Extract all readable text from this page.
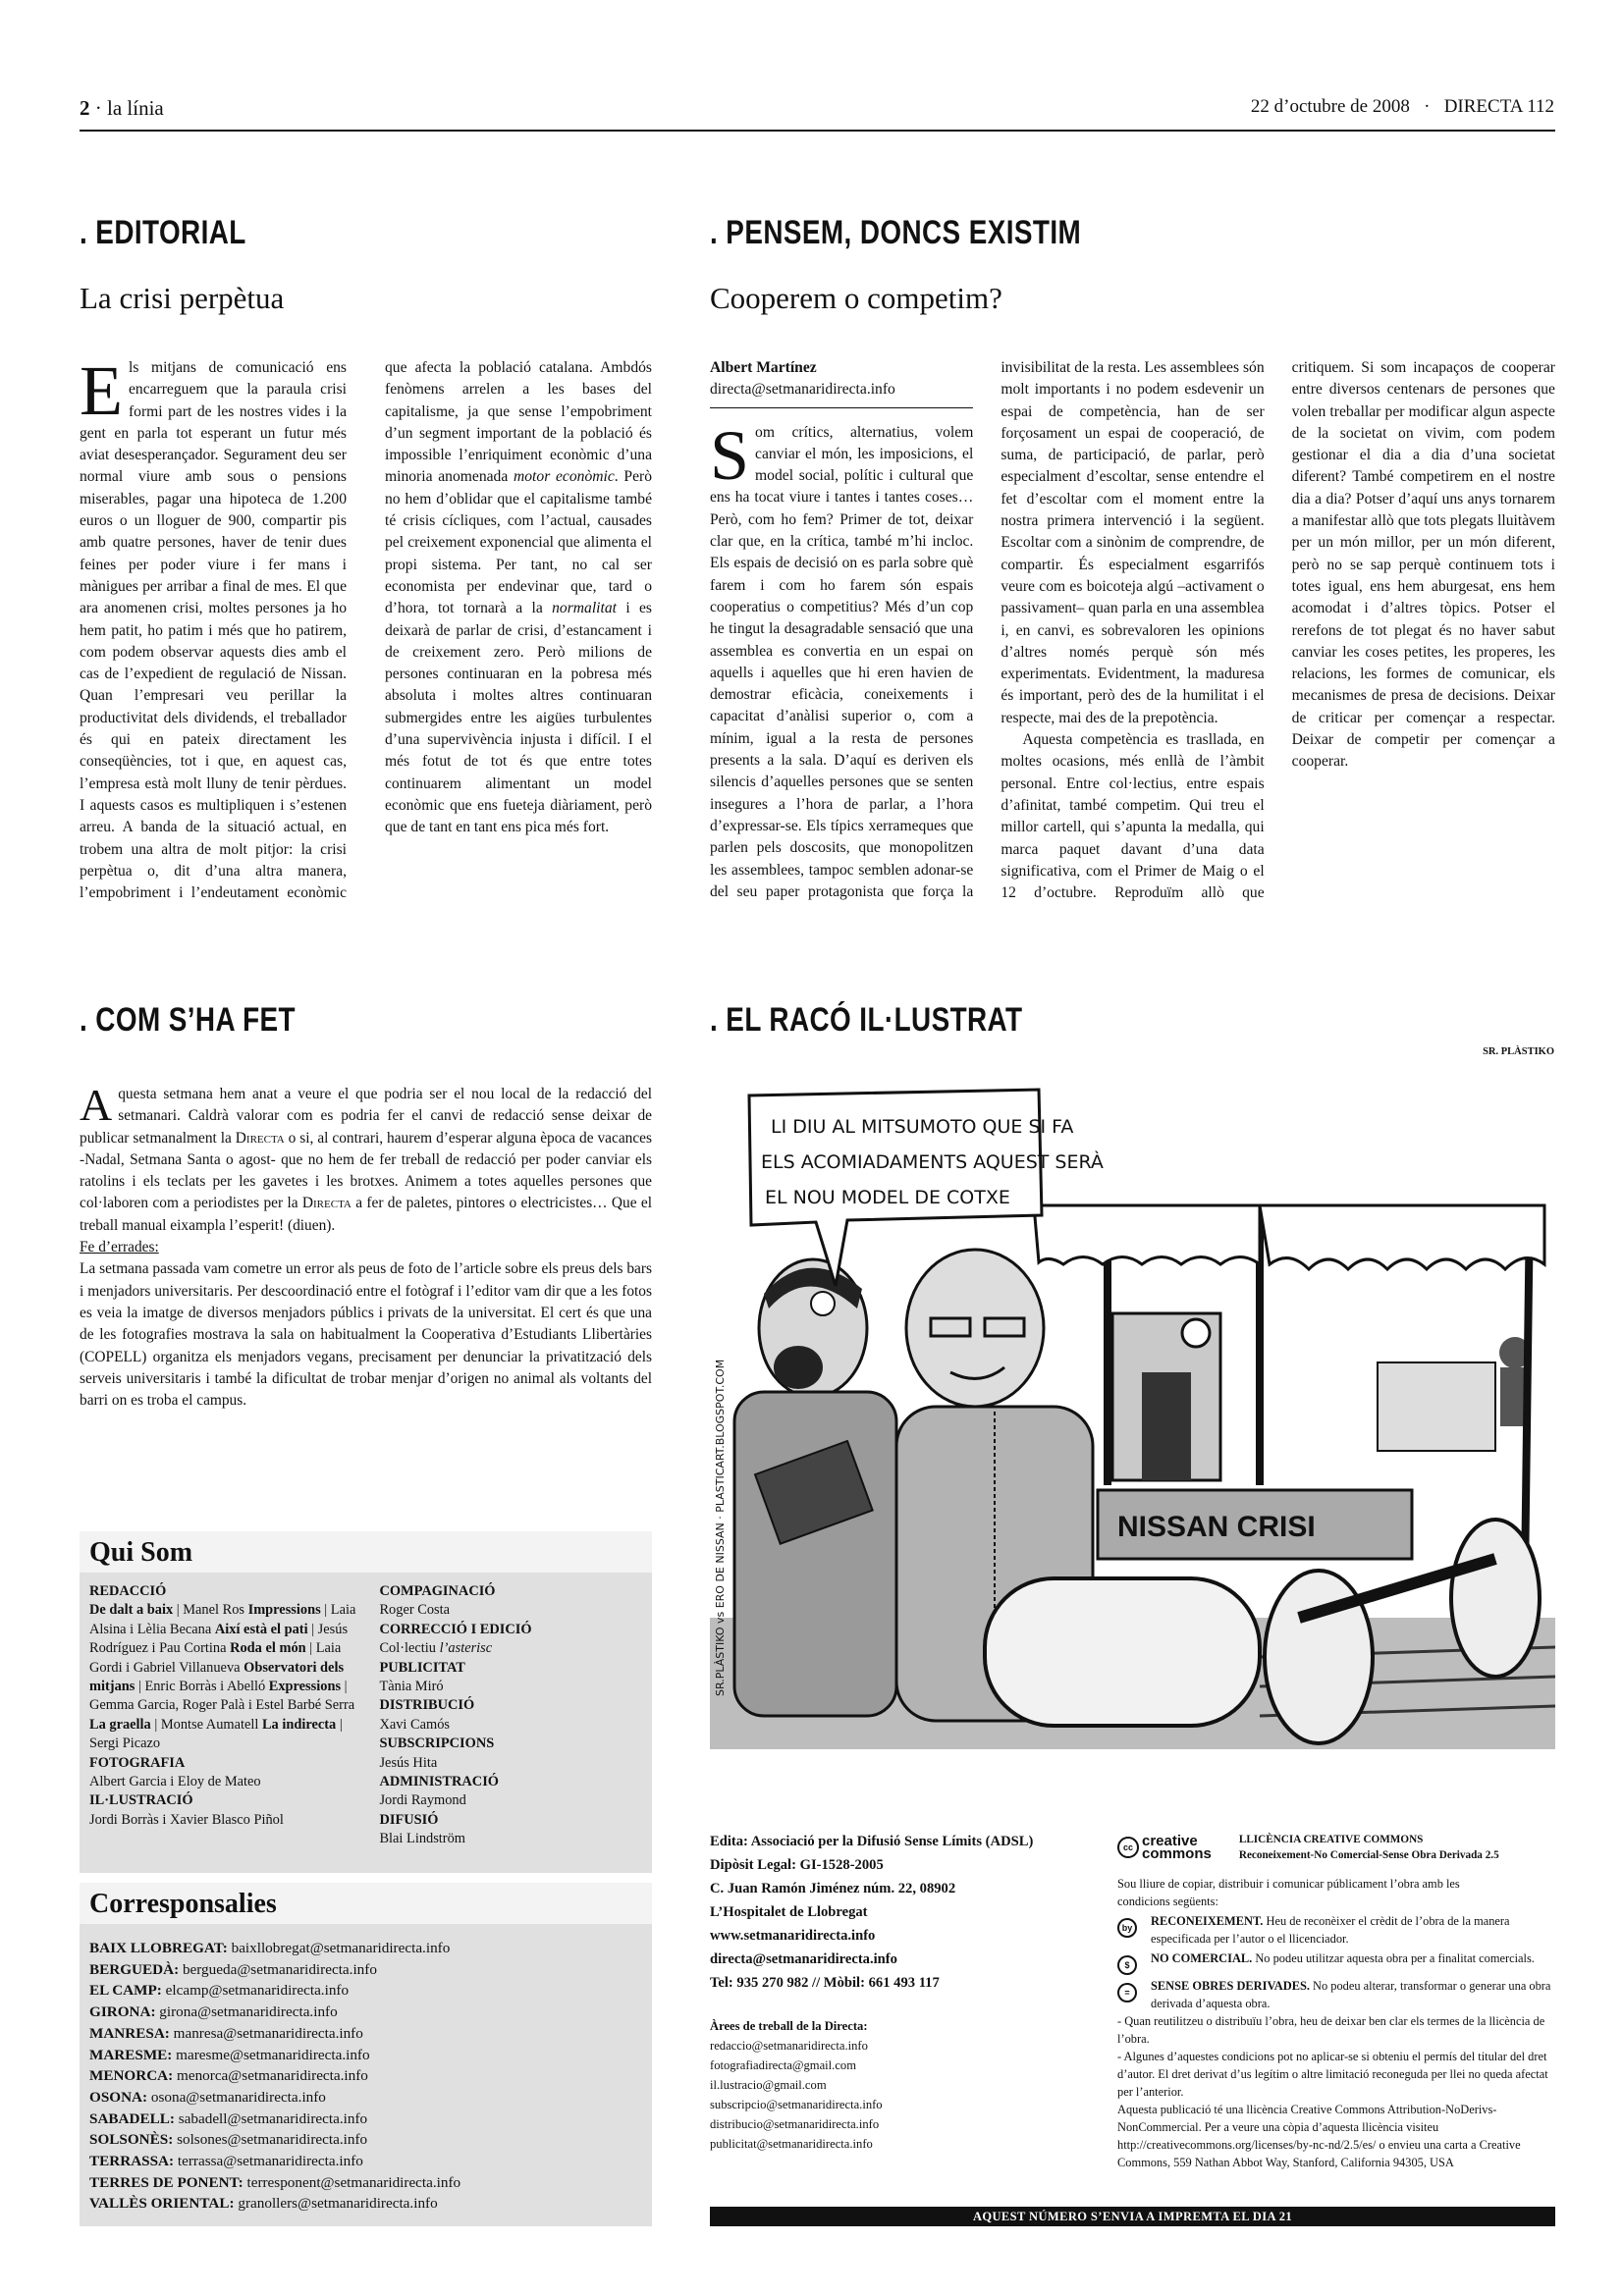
2 · la línia	22 d’octubre de 2008 · DIRECTA 112
. EDITORIAL
La crisi perpètua

Els mitjans de comunicació ens encarreguem que la paraula crisi formi part de les nostres vides i la gent en parla tot esperant un futur més aviat desesperançador. Segurament deu ser normal viure amb sous o pensions miserables, pagar una hipoteca de 1.200 euros o un lloguer de 900, compartir pis amb quatre persones, haver de tenir dues feines per poder viure i fer mans i mànigues per arribar a final de mes. El que ara anomenen crisi, moltes persones ja ho hem patit, ho patim i més que ho patirem, com podem observar aquests dies amb el cas de l’expedient de regulació de Nissan. Quan l’empresari veu perillar la productivitat dels dividends, el treballador és qui en pateix directament les conseqüències, tot i que, en aquest cas, l’empresa està molt lluny de tenir pèrdues. I aquests casos es multipliquen i s’estenen arreu. A banda de la situació actual, en trobem una altra de molt pitjor: la crisi perpètua o, dit d’una altra manera, l’empobriment i l’endeutament econòmic que afecta la població catalana. Ambdós fenòmens arrelen a les bases del capitalisme, ja que sense l’empobriment d’un segment important de la població és impossible l’enriquiment econòmic d’una minoria anomenada motor econòmic. Però no hem d’oblidar que el capitalisme també té crisis cícliques, com l’actual, causades pel creixement exponencial que alimenta el propi sistema. Per tant, no cal ser economista per endevinar que, tard o d’hora, tot tornarà a la normalitat i es deixarà de parlar de crisi, d’estancament i de creixement zero. Però milions de persones continuaran en la pobresa més absoluta i moltes altres continuaran submergides entre les aigües turbulentes d’una supervivència injusta i difícil. I el més fotut de tot és que entre totes continuarem alimentant un model econòmic que ens fueteja diàriament, però que de tant en tant ens pica més fort.

. PENSEM, DONCS EXISTIM
Cooperem o competim?
Albert Martínez
directa@setmanaridirecta.info

Som crítics, alternatius, volem canviar el món, les imposicions, el model social, polític i cultural que ens ha tocat viure i tantes i tantes coses… Però, com ho fem? Primer de tot, deixar clar que, en la crítica, també m’hi incloc. Els espais de decisió on es parla sobre què farem i com ho farem són espais cooperatius o competitius? Més d’un cop he tingut la desagradable sensació que una assemblea es convertia en un espai on aquells i aquelles que hi eren havien de demostrar eficàcia, coneixements i capacitat d’anàlisi superior o, com a mínim, igual a la resta de persones presents a la sala. D’aquí es deriven els silencis d’aquelles persones que se senten insegures a l’hora de parlar, a l’hora d’expressar-se. Els típics xerrameques que parlen pels doscosits, que monopolitzen les assemblees, tampoc semblen adonar-se del seu paper protagonista que força la invisibilitat de la resta. Les assemblees són molt importants i no podem esdevenir un espai de competència, han de ser forçosament un espai de cooperació, de suma, de participació, de parlar, però especialment d’escoltar, sense entendre el fet d’escoltar com el moment entre la nostra primera intervenció i la següent. Escoltar com a sinònim de comprendre, de compartir. És especialment esgarrifós veure com es boicoteja algú –activament o passivament– quan parla en una assemblea i, en canvi, es sobrevaloren les opinions d’altres només perquè són més experimentats. Evidentment, la maduresa és important, però des de la humilitat i el respecte, mai des de la prepotència.

Aquesta competència es trasllada, en moltes ocasions, més enllà de l’àmbit personal. Entre col·lectius, entre espais d’afinitat, també competim. Qui treu el millor cartell, qui s’apunta la medalla, qui marca paquet davant d’una data significativa, com el Primer de Maig o el 12 d’octubre. Reproduïm allò que critiquem. Si som incapaços de cooperar entre diversos centenars de persones que volen treballar per modificar algun aspecte de la societat on vivim, com podem gestionar el dia a dia d’una societat diferent? També competirem en el nostre dia a dia? Potser d’aquí uns anys tornarem a manifestar allò que tots plegats lluitàvem per un món millor, per un món diferent, però no se sap perquè continuem tots i totes igual, ens hem aburgesat, ens hem acomodat i d’altres tòpics. Potser el rerefons de tot plegat és no haver sabut canviar les coses petites, les properes, les relacions, les formes de comunicar, els mecanismes de presa de decisions. Deixar de criticar per començar a respectar. Deixar de competir per començar a cooperar.

. COM S’HA FET

Aquesta setmana hem anat a veure el que podria ser el nou local de la redacció del setmanari. Caldrà valorar com es podria fer el canvi de redacció sense deixar de publicar setmanalment la Directa o si, al contrari, haurem d’esperar alguna època de vacances -Nadal, Setmana Santa o agost- que no hem de fer treball de redacció per poder canviar els ratolins i els teclats per les gavetes i les brotxes. Animem a totes aquelles persones que col·laboren com a periodistes per la Directa a fer de paletes, pintores o electricistes… Que el treball manual eixampla l’esperit! (diuen).

Fe d’errades:

La setmana passada vam cometre un error als peus de foto de l’article sobre els preus dels bars i menjadors universitaris. Per descoordinació entre el fotògraf i l’editor vam dir que a les fotos es veia la imatge de diversos menjadors públics i privats de la universitat. El cert és que una de les fotografies mostrava la sala on habitualment la Cooperativa d’Estudiants Llibertàries (COPELL) organitza els menjadors vegans, precisament per denunciar la privatització dels serveis universitaris i també la dificultat de trobar menjar d’origen no animal als voltants del barri on es troba el campus.

. EL RACÓ IL·LUSTRAT
SR. PLÀSTIKO
NISSAN CRISI
LI DIU AL MITSUMOTO QUE SI FA
ELS ACOMIADAMENTS AQUEST SERÀ
EL NOU MODEL DE COTXE
SR.PLÀSTIKO vs ERO DE NISSAN · PLASTICART.BLOGSPOT.COM
Qui Som
REDACCIÓ
De dalt a baix | Manel Ros Impressions | Laia Alsina i Lèlia Becana Així està el pati | Jesús Rodríguez i Pau Cortina Roda el món | Laia Gordi i Gabriel Villanueva Observatori dels mitjans | Enric Borràs i Abelló Expressions | Gemma Garcia, Roger Palà i Estel Barbé Serra La graella | Montse Aumatell La indirecta | Sergi Picazo
FOTOGRAFIA
Albert Garcia i Eloy de Mateo
IL·LUSTRACIÓ
Jordi Borràs i Xavier Blasco Piñol
COMPAGINACIÓ
Roger Costa
CORRECCIÓ I EDICIÓ
Col·lectiu l’asterisc
PUBLICITAT
Tània Miró
DISTRIBUCIÓ
Xavi Camós
SUBSCRIPCIONS
Jesús Hita
ADMINISTRACIÓ
Jordi Raymond
DIFUSIÓ
Blai Lindström
Corresponsalies
BAIX LLOBREGAT: baixllobregat@setmanaridirecta.info
BERGUEDÀ: bergueda@setmanaridirecta.info
EL CAMP: elcamp@setmanaridirecta.info
GIRONA: girona@setmanaridirecta.info
MANRESA: manresa@setmanaridirecta.info
MARESME: maresme@setmanaridirecta.info
MENORCA: menorca@setmanaridirecta.info
OSONA: osona@setmanaridirecta.info
SABADELL: sabadell@setmanaridirecta.info
SOLSONÈS: solsones@setmanaridirecta.info
TERRASSA: terrassa@setmanaridirecta.info
TERRES DE PONENT: terresponent@setmanaridirecta.info
VALLÈS ORIENTAL: granollers@setmanaridirecta.info
Edita: Associació per la Difusió Sense Límits (ADSL)
Dipòsit Legal: GI-1528-2005
C. Juan Ramón Jiménez núm. 22, 08902
L’Hospitalet de Llobregat
www.setmanaridirecta.info
directa@setmanaridirecta.info
Tel: 935 270 982 // Mòbil: 661 493 117
Àrees de treball de la Directa:
redaccio@setmanaridirecta.info
fotografiadirecta@gmail.com
il.lustracio@gmail.com
subscripcio@setmanaridirecta.info
distribucio@setmanaridirecta.info
publicitat@setmanaridirecta.info
cc creative
commons
LLICÈNCIA CREATIVE COMMONS
Reconeixement-No Comercial-Sense Obra Derivada 2.5
Sou lliure de copiar, distribuir i comunicar públicament l’obra amb les condicions següents:
by	RECONEIXEMENT. Heu de reconèixer el crèdit de l’obra de la manera especificada per l’autor o el llicenciador.
$	NO COMERCIAL. No podeu utilitzar aquesta obra per a finalitat comercials.
=	SENSE OBRES DERIVADES. No podeu alterar, transformar o generar una obra derivada d’aquesta obra.
- Quan reutilitzeu o distribuïu l’obra, heu de deixar ben clar els termes de la llicència de l’obra.
- Algunes d’aquestes condicions pot no aplicar-se si obteniu el permís del titular del dret d’autor. El dret derivat d’us legítim o altre limitació reconeguda per llei no queda afectat per l’anterior.
Aquesta publicació té una llicència Creative Commons Attribution-NoDerivs- NonCommercial. Per a veure una còpia d’aquesta llicència visiteu http://creativecommons.org/licenses/by-nc-nd/2.5/es/ o envieu una carta a Creative Commons, 559 Nathan Abbot Way, Stanford, California 94305, USA
AQUEST NÚMERO S’ENVIA A IMPREMTA EL DIA 21
